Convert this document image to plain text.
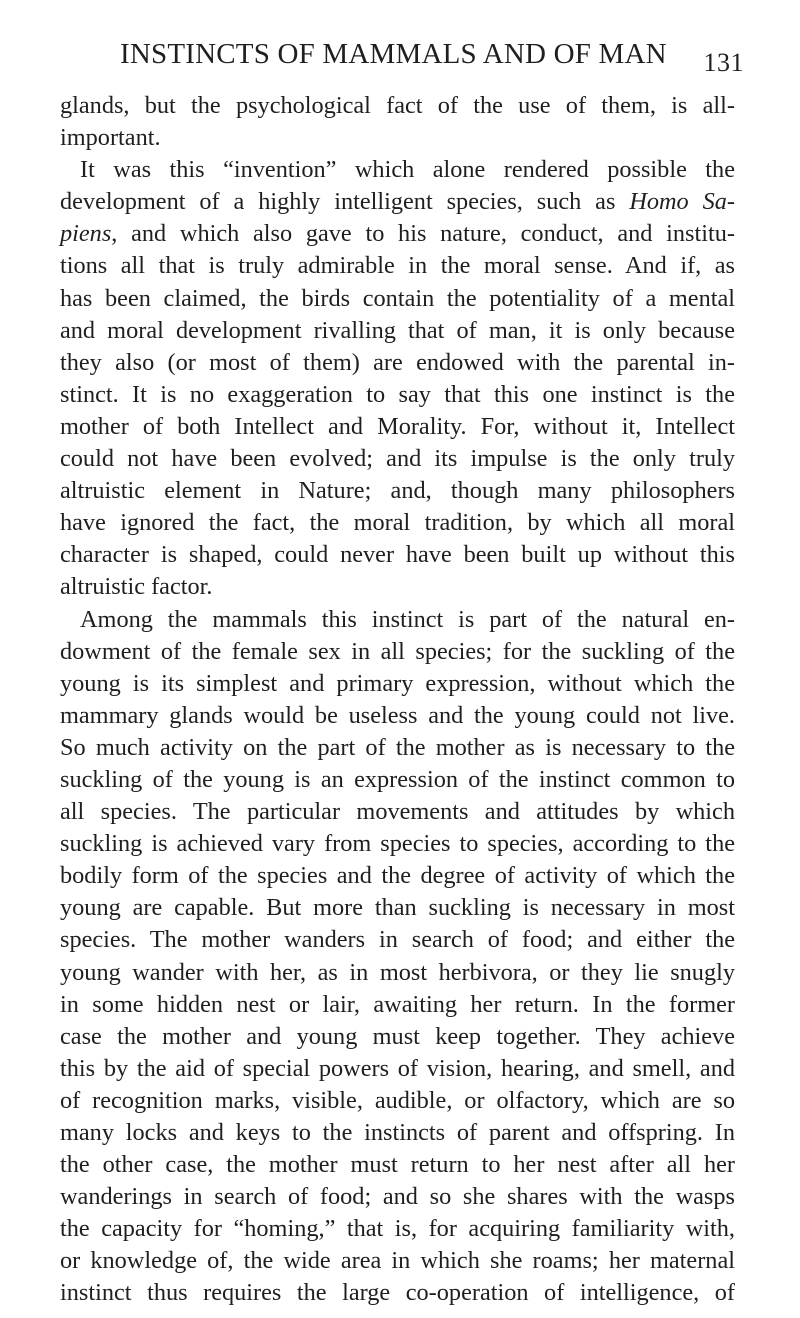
INSTINCTS OF MAMMALS AND OF MAN 131
glands, but the psychological fact of the use of them, is all-
important.
It was this “invention” which alone rendered possible the
development of a highly intelligent species, such as Homo Sa-
piens, and which also gave to his nature, conduct, and institu-
tions all that is truly admirable in the moral sense. And if, as
has been claimed, the birds contain the potentiality of a mental
and moral development rivalling that of man, it is only because
they also (or most of them) are endowed with the parental in-
stinct. It is no exaggeration to say that this one instinct is the
mother of both Intellect and Morality. For, without it, Intellect
could not have been evolved; and its impulse is the only truly
altruistic element in Nature; and, though many philosophers
have ignored the fact, the moral tradition, by which all moral
character is shaped, could never have been built up without this
altruistic factor.
Among the mammals this instinct is part of the natural en-
dowment of the female sex in all species; for the suckling of the
young is its simplest and primary expression, without which the
mammary glands would be useless and the young could not live.
So much activity on the part of the mother as is necessary to the
suckling of the young is an expression of the instinct common to
all species. The particular movements and attitudes by which
suckling is achieved vary from species to species, according to the
bodily form of the species and the degree of activity of which the
young are capable. But more than suckling is necessary in most
species. The mother wanders in search of food; and either the
young wander with her, as in most herbivora, or they lie snugly
in some hidden nest or lair, awaiting her return. In the former
case the mother and young must keep together. They achieve
this by the aid of special powers of vision, hearing, and smell, and
of recognition marks, visible, audible, or olfactory, which are so
many locks and keys to the instincts of parent and offspring. In
the other case, the mother must return to her nest after all her
wanderings in search of food; and so she shares with the wasps
the capacity for “homing,” that is, for acquiring familiarity with,
or knowledge of, the wide area in which she roams; her maternal
instinct thus requires the large co-operation of intelligence, of
